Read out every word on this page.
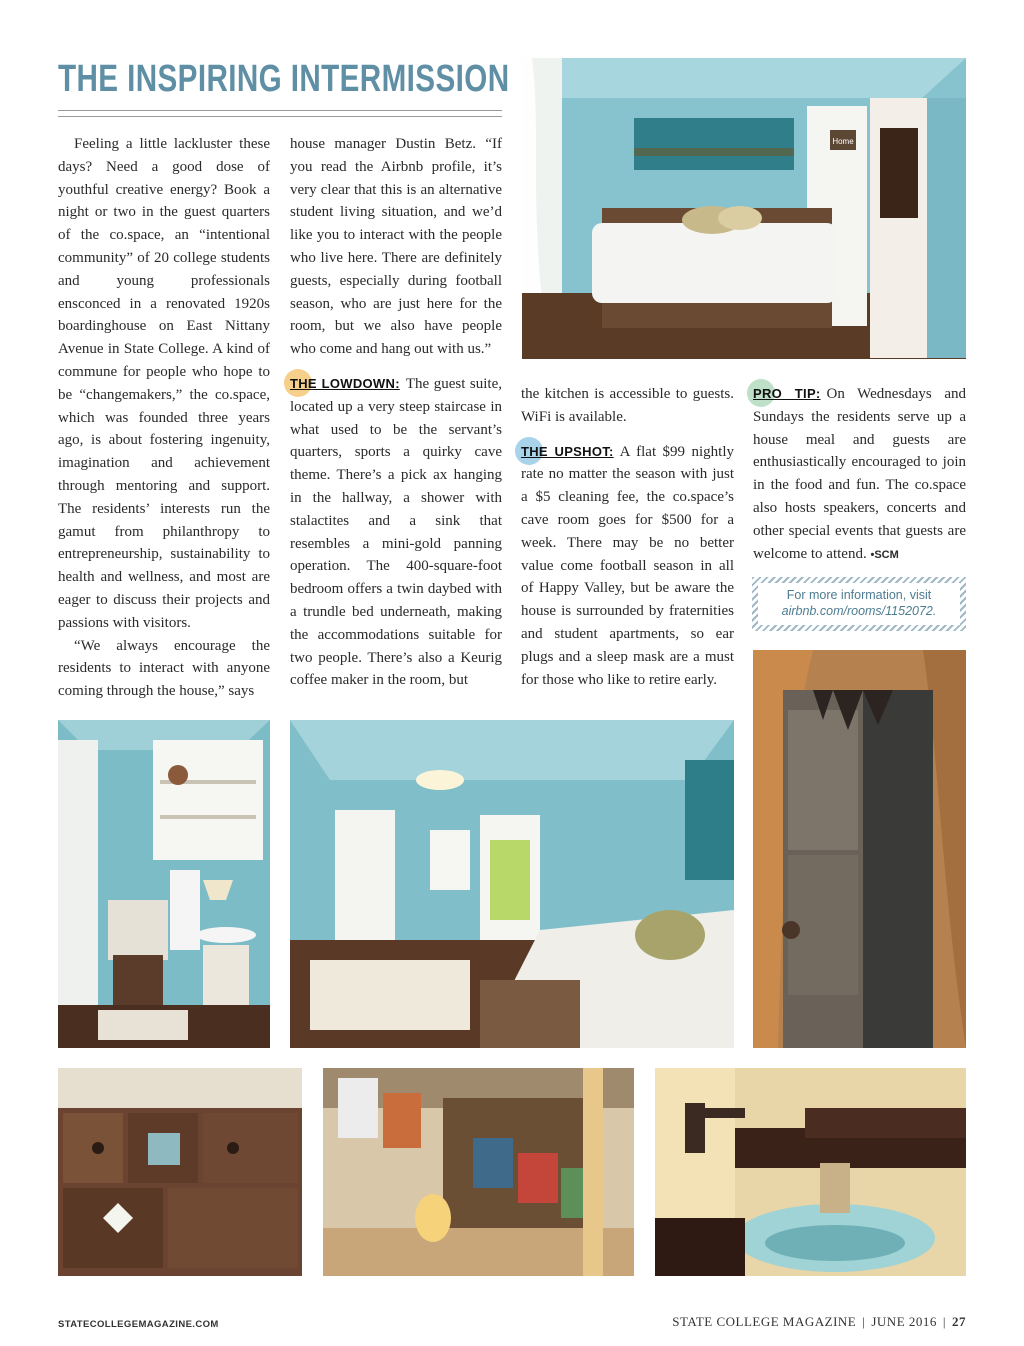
THE INSPIRING INTERMISSION

Feeling a little lackluster these days? Need a good dose of youthful creative energy? Book a night or two in the guest quarters of the co.space, an “intentional community” of 20 college students and young professionals ensconced in a renovated 1920s boardinghouse on East Nittany Avenue in State College. A kind of commune for people who hope to be “changemakers,” the co.space, which was founded three years ago, is about fostering ingenuity, imagination and achievement through mentoring and support. The residents’ interests run the gamut from philanthropy to entrepreneurship, sustainability to health and wellness, and most are eager to discuss their projects and passions with visitors.

“We always encourage the residents to interact with anyone coming through the house,” says

house manager Dustin Betz. “If you read the Airbnb profile, it’s very clear that this is an alternative student living situation, and we’d like you to interact with the people who live here. There are definitely guests, especially during football season, who are just here for the room, but we also have people who come and hang out with us.”

THE LOWDOWN: The guest suite, located up a very steep staircase in what used to be the servant’s quarters, sports a quirky cave theme. There’s a pick ax hanging in the hallway, a shower with stalactites and a sink that resembles a mini-gold panning operation. The 400-square-foot bedroom offers a twin daybed with a trundle bed underneath, making the accommodations suitable for two people. There’s also a Keurig coffee maker in the room, but

the kitchen is accessible to guests. WiFi is available.

THE UPSHOT: A flat $99 nightly rate no matter the season with just a $5 cleaning fee, the co.space’s cave room goes for $500 for a week. There may be no better value come football season in all of Happy Valley, but be aware the house is surrounded by fraternities and student apartments, so ear plugs and a sleep mask are a must for those who like to retire early.

PRO TIP: On Wednesdays and Sundays the residents serve up a house meal and guests are enthusiastically encouraged to join in the food and fun. The co.space also hosts speakers, concerts and other special events that guests are welcome to attend. •SCM

For more information, visit
airbnb.com/rooms/1152072.
Home
STATECOLLEGEMAGAZINE.COM	STATE COLLEGE MAGAZINE | JUNE 2016 | 27
